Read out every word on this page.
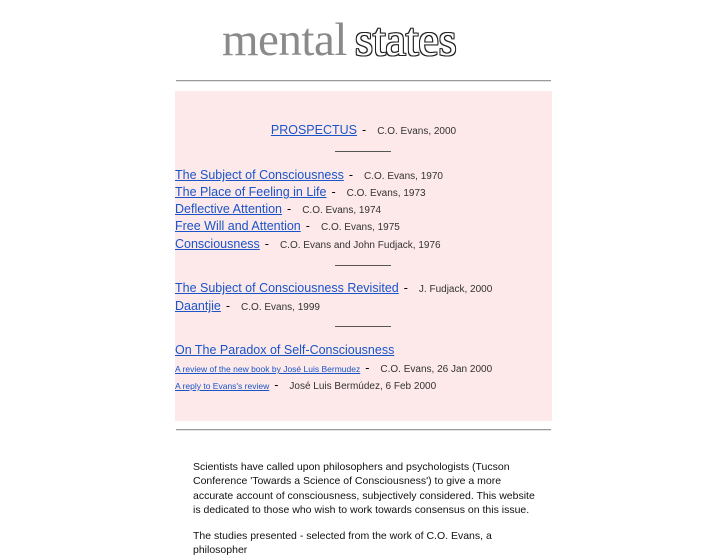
mental states
PROSPECTUS - C.O. Evans, 2000
The Subject of Consciousness - C.O. Evans, 1970
The Place of Feeling in Life - C.O. Evans, 1973
Deflective Attention - C.O. Evans, 1974
Free Will and Attention - C.O. Evans, 1975
Consciousness - C.O. Evans and John Fudjack, 1976
The Subject of Consciousness Revisited - J. Fudjack, 2000
Daantjie - C.O. Evans, 1999
On The Paradox of Self-Consciousness
A review of the new book by José Luis Bermudez - C.O. Evans, 26 Jan 2000
A reply to Evans's review - José Luis Bermúdez, 6 Feb 2000
Scientists have called upon philosophers and psychologists (Tucson Conference 'Towards a Science of Consciousness') to give a more accurate account of consciousness, subjectively considered. This website is dedicated to those who wish to work towards consensus on this issue.
The studies presented - selected from the work of C.O. Evans, a philosopher
